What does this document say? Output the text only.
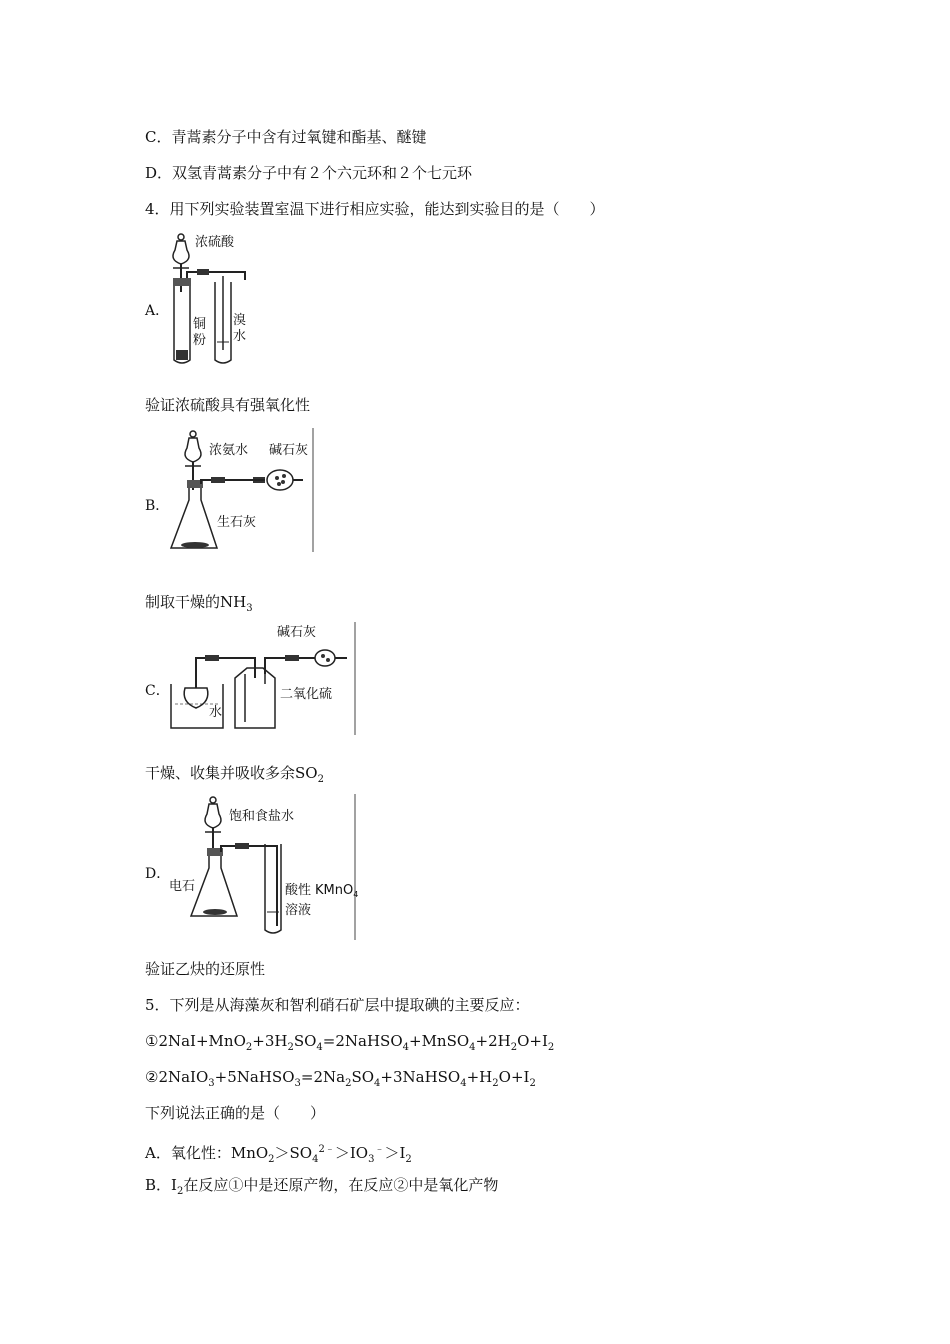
C．青蒿素分子中含有过氧键和酯基、醚键
D．双氢青蒿素分子中有２个六元环和２个七元环
4．用下列实验装置室温下进行相应实验，能达到实验目的是（　　）
A．
浓硫酸
铜
粉
溴
水
验证浓硫酸具有强氧化性
B．
浓氨水 碱石灰
生石灰
制取干燥的$NH_3$
C．
碱石灰
二氧化硫
水
干燥、收集并吸收多余$SO_2$
D．
饱和食盐水
电石	酸性
溶液
KMnO$_4$
验证乙炔的还原性
5．下列是从海藻灰和智利硝石矿层中提取碘的主要反应：
$①2NaI+MnO_2+3H_2SO_4=2NaHSO_4+MnSO_4+2H_2O+I_2$
$②2NaIO_3+5NaHSO_3=2Na_2SO_4+3NaHSO_4+H_2O+I_2$
下列说法正确的是（　　）
A．氧化性：$MnO_2>SO_4^{2﹣}>IO_3^﹣>I_2$
B．$I_2$在反应①中是还原产物，在反应②中是氧化产物
